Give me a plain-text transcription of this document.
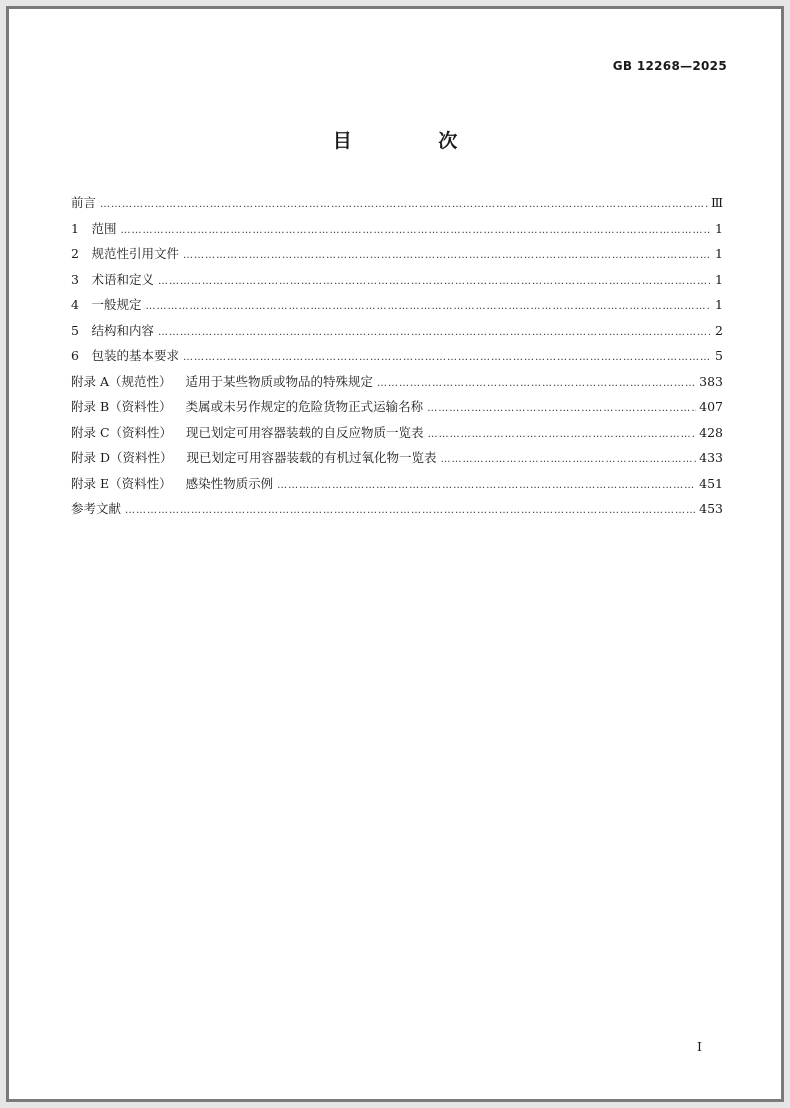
GB 12268—2025
目 次
前言 …………………………………………………………………………………………………………………………………………………………………………………………………………………………	Ⅲ
1　范围 …………………………………………………………………………………………………………………………………………………………………………………………………………………………	1
2　规范性引用文件 …………………………………………………………………………………………………………………………………………………………………………………………………………………………	1
3　术语和定义 …………………………………………………………………………………………………………………………………………………………………………………………………………………………	1
4　一般规定 …………………………………………………………………………………………………………………………………………………………………………………………………………………………	1
5　结构和内容 …………………………………………………………………………………………………………………………………………………………………………………………………………………………	2
6　包装的基本要求 …………………………………………………………………………………………………………………………………………………………………………………………………………………………	5
附录 A（规范性） 适用于某些物质或物品的特殊规定 …………………………………………………………………………………………………………………………………………………………………………………………………………………………	383
附录 B（资料性） 类属或未另作规定的危险货物正式运输名称 …………………………………………………………………………………………………………………………………………………………………………………………………………………………	407
附录 C（资料性） 现已划定可用容器装载的自反应物质一览表 …………………………………………………………………………………………………………………………………………………………………………………………………………………………	428
附录 D（资料性） 现已划定可用容器装载的有机过氧化物一览表 …………………………………………………………………………………………………………………………………………………………………………………………………………………………	433
附录 E（资料性） 感染性物质示例 …………………………………………………………………………………………………………………………………………………………………………………………………………………………	451
参考文献 …………………………………………………………………………………………………………………………………………………………………………………………………………………………	453
I
